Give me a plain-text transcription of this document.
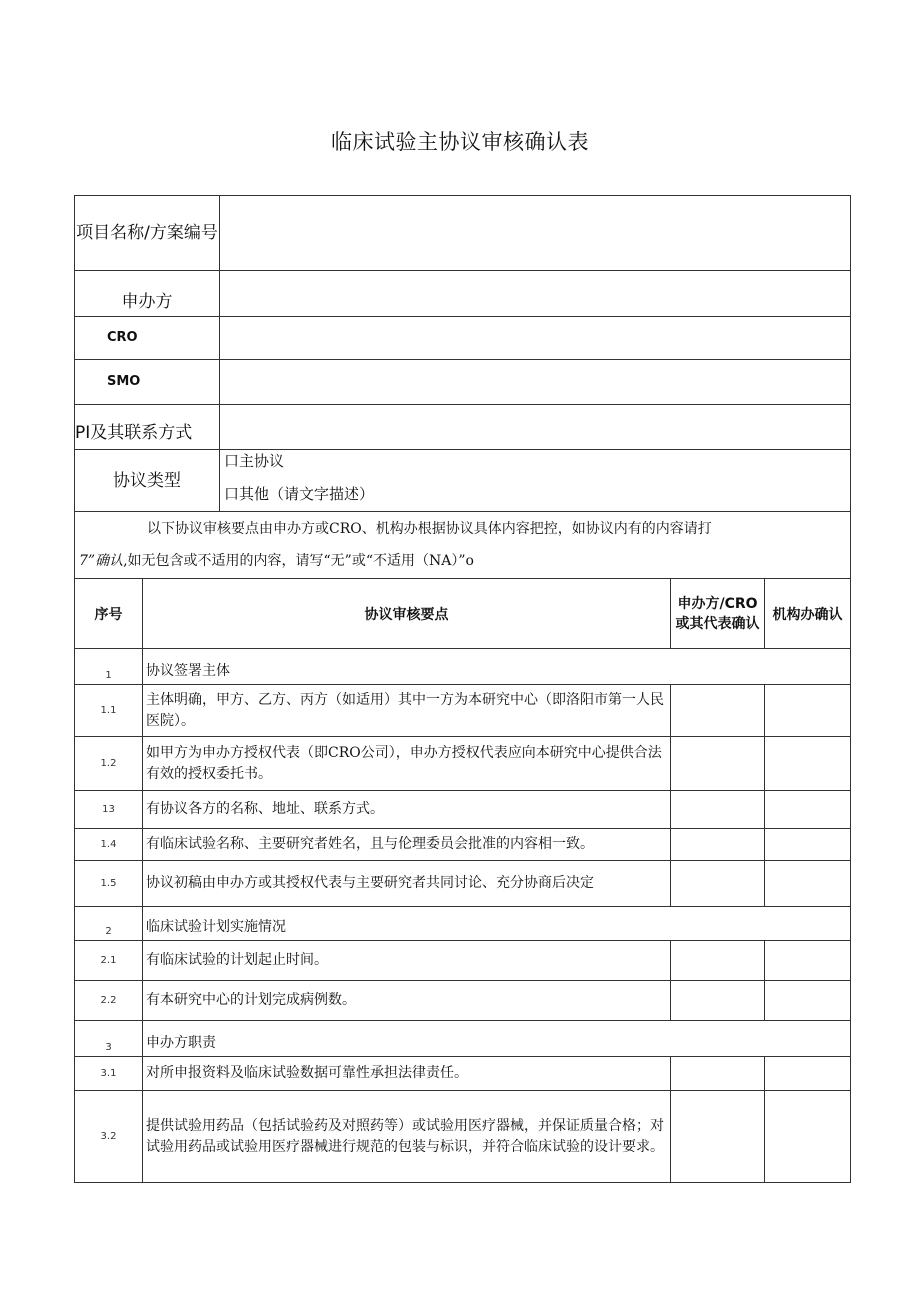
临床试验主协议审核确认表
项目名称/方案编号	
申办方	
CRO	
SMO	
PI及其联系方式	
协议类型	口主协议
口其他（请文字描述）

以下协议审核要点由申办方或CRO、机构办根据协议具体内容把控，如协议内有的内容请打
7”确认,如无包含或不适用的内容，请写“无”或“不适用（NA）”o	
序号	协议审核要点	申办方/CRO或其代表确认	机构办确认
1	协议签署主体		
1.1	主体明确，甲方、乙方、丙方（如适用）其中一方为本研究中心（即洛阳市第一人民医院）。		
1.2	如甲方为申办方授权代表（即CRO公司），申办方授权代表应向本研究中心提供合法有效的授权委托书。		
13	有协议各方的名称、地址、联系方式。		
1.4	有临床试验名称、主要研究者姓名，且与伦理委员会批准的内容相一致。		
1.5	协议初稿由申办方或其授权代表与主要研究者共同讨论、充分协商后决定		
2	临床试验计划实施情况		
2.1	有临床试验的计划起止时间。		
2.2	有本研究中心的计划完成病例数。		
3	申办方职责		
3.1	对所申报资料及临床试验数据可靠性承担法律责任。		
3.2	提供试验用药品（包括试验药及对照药等）或试验用医疗器械，并保证质量合格；对试验用药品或试验用医疗器械进行规范的包装与标识，并符合临床试验的设计要求。		
